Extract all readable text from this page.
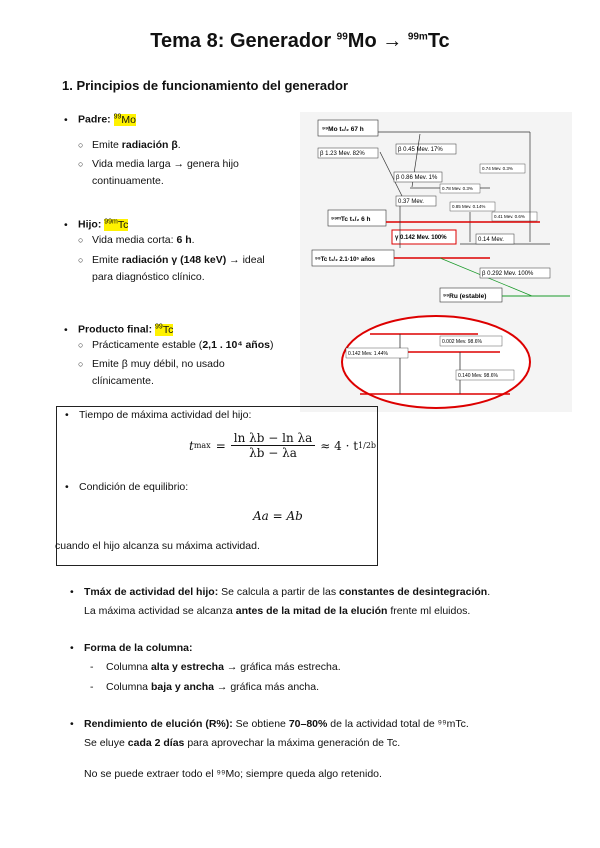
Tema 8: Generador $^{99}$Mo → $^{99m}$Tc
1. Principios de funcionamiento del generador
• Padre: $^{99}$Mo
○ Emite radiación β.
○ Vida media larga → genera hijo
continuamente.
• Hijo: $^{99m}$Tc
○ Vida media corta: 6 h.
○ Emite radiación γ (148 keV) → ideal
para diagnóstico clínico.
• Producto final: $^{99}$Tc
○ Prácticamente estable (2,1 . 10⁴ años)
○ Emite β muy débil, no usado
clínicamente.
⁹⁹Mo t₁/₂ 67 h
β 1.23 Mev. 82%
β 0.45 Mev. 17%
β 0.86 Mev. 1%
0.37 Mev.
0.74 Mev. 0.3%
0.78 Mev. 0.3%
0.85 Mev. 0.14%
0.41 Mev. 0.6%
⁹⁹ᵐTc t₁/₂ 6 h
γ 0.142 Mev. 100%	0.14 Mev.
⁹⁹Tc t₁/₂ 2.1·10⁵ años
β 0.292 Mev. 100%
⁹⁹Ru (estable)
0.142 Mev. 1.44%
0.002 Mev. 98.6%
0.140 Mev. 98.6%
• Tiempo de máxima actividad del hijo:
t $\max = \frac{\text{ln λb − ln λa}}{\lambda b - \lambda a} \approx 4 \cdot t$ 1/2b
• Condición de equilibrio:
Aa = Ab
cuando el hijo alcanza su máxima actividad.
• Tmáx de actividad del hijo: Se calcula a partir de las constantes de desintegración.
La máxima actividad se alcanza antes de la mitad de la elución frente ml eluidos.
• Forma de la columna:
- Columna alta y estrecha → gráfica más estrecha.
- Columna baja y ancha → gráfica más ancha.
• Rendimiento de elución (R%): Se obtiene 70–80% de la actividad total de ⁹⁹mTc.
Se eluye cada 2 días para aprovechar la máxima generación de Tc.
No se puede extraer todo el ⁹⁹Mo; siempre queda algo retenido.
